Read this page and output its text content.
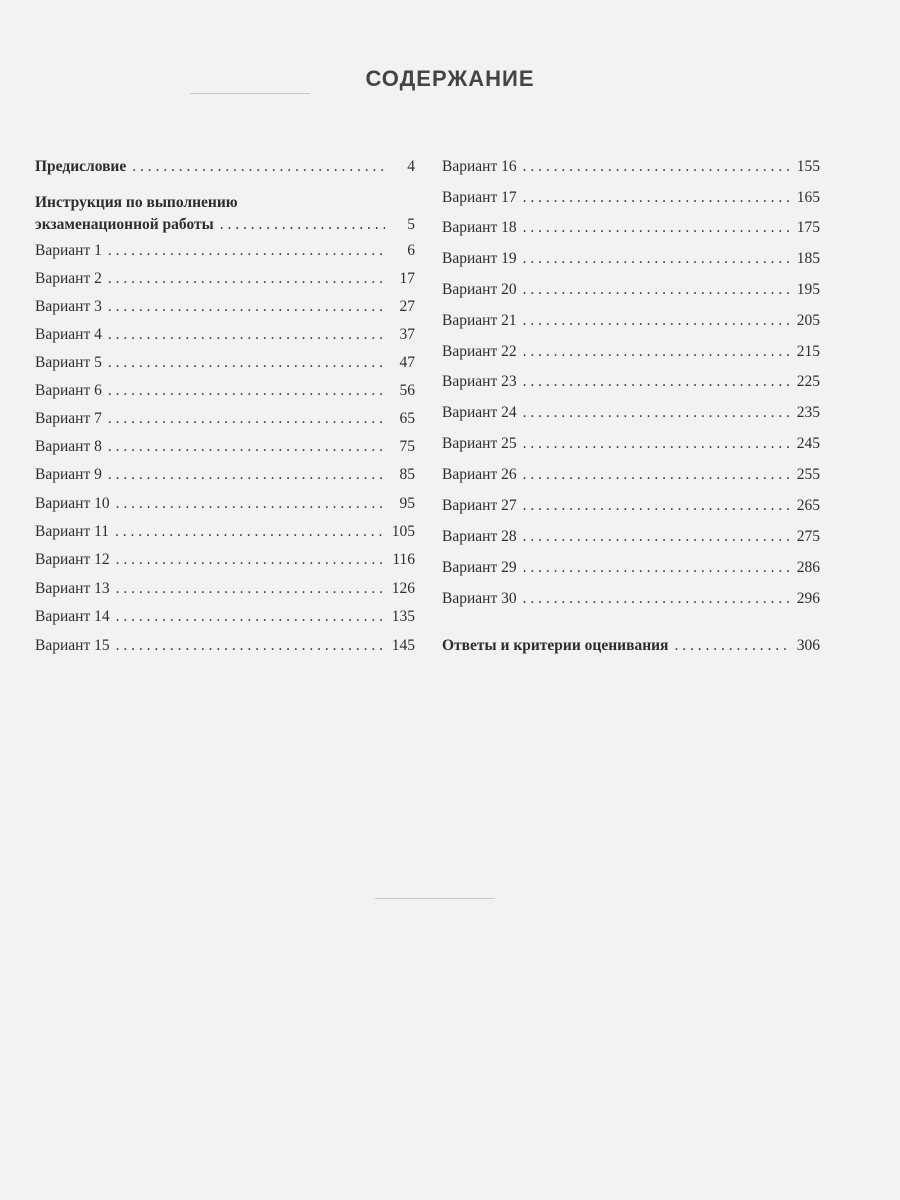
СОДЕРЖАНИЕ
Предисловие . . .	4
Инструкция по выполнению
экзаменационной работы . . .	5
Вариант 1 . . .	6
Вариант 2 . . .	17
Вариант 3 . . .	27
Вариант 4 . . .	37
Вариант 5 . . .	47
Вариант 6 . . .	56
Вариант 7 . . .	65
Вариант 8 . . .	75
Вариант 9 . . .	85
Вариант 10 . . .	95
Вариант 11 . . .	105
Вариант 12 . . .	116
Вариант 13 . . .	126
Вариант 14 . . .	135
Вариант 15 . . .	145
Вариант 16 . . .	155
Вариант 17 . . .	165
Вариант 18 . . .	175
Вариант 19 . . .	185
Вариант 20 . . .	195
Вариант 21 . . .	205
Вариант 22 . . .	215
Вариант 23 . . .	225
Вариант 24 . . .	235
Вариант 25 . . .	245
Вариант 26 . . .	255
Вариант 27 . . .	265
Вариант 28 . . .	275
Вариант 29 . . .	286
Вариант 30 . . .	296
Ответы и критерии оценивания . . .	306
